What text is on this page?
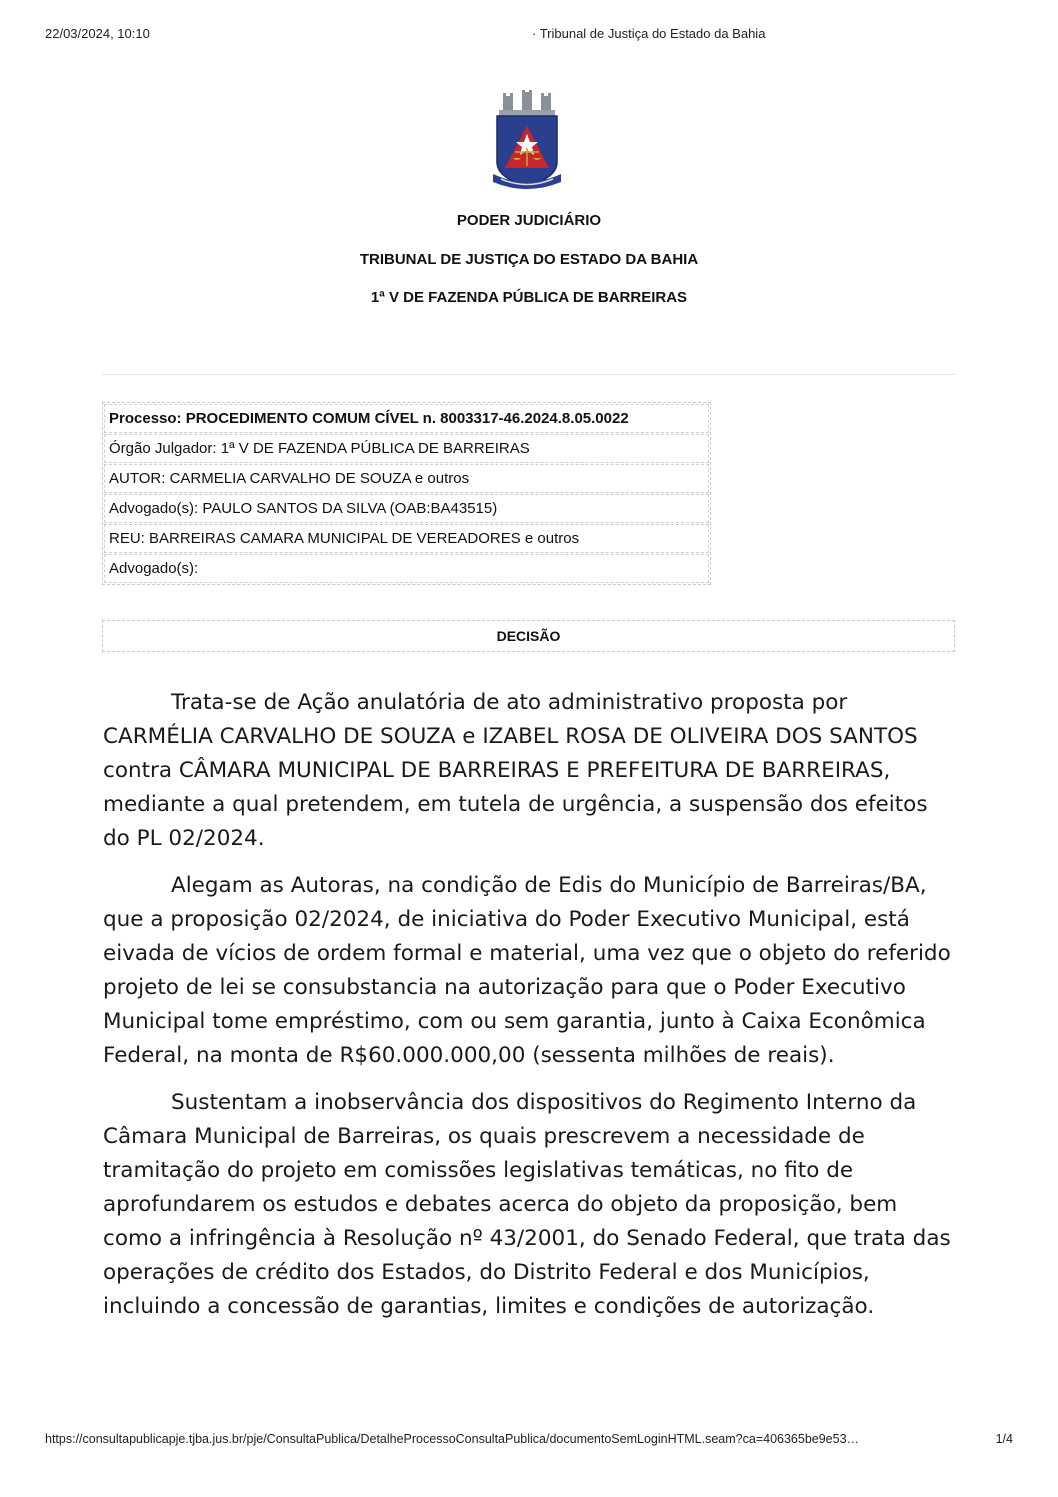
22/03/2024, 10:10	· Tribunal de Justiça do Estado da Bahia
PODER JUDICIÁRIO
TRIBUNAL DE JUSTIÇA DO ESTADO DA BAHIA
1ª V DE FAZENDA PÚBLICA DE BARREIRAS
Processo: PROCEDIMENTO COMUM CÍVEL n. 8003317-46.2024.8.05.0022
Órgão Julgador: 1ª V DE FAZENDA PÚBLICA DE BARREIRAS
AUTOR: CARMELIA CARVALHO DE SOUZA e outros
Advogado(s): PAULO SANTOS DA SILVA (OAB:BA43515)
REU: BARREIRAS CAMARA MUNICIPAL DE VEREADORES e outros
Advogado(s):
DECISÃO

Trata-se de Ação anulatória de ato administrativo proposta por CARMÉLIA CARVALHO DE SOUZA e IZABEL ROSA DE OLIVEIRA DOS SANTOS contra CÂMARA MUNICIPAL DE BARREIRAS E PREFEITURA DE BARREIRAS, mediante a qual pretendem, em tutela de urgência, a suspensão dos efeitos do PL 02/2024.

Alegam as Autoras, na condição de Edis do Município de Barreiras/BA, que a proposição 02/2024, de iniciativa do Poder Executivo Municipal, está eivada de vícios de ordem formal e material, uma vez que o objeto do referido projeto de lei se consubstancia na autorização para que o Poder Executivo Municipal tome empréstimo, com ou sem garantia, junto à Caixa Econômica Federal, na monta de R$60.000.000,00 (sessenta milhões de reais).

Sustentam a inobservância dos dispositivos do Regimento Interno da Câmara Municipal de Barreiras, os quais prescrevem a necessidade de tramitação do projeto em comissões legislativas temáticas, no fito de aprofundarem os estudos e debates acerca do objeto da proposição, bem como a infringência à Resolução nº 43/2001, do Senado Federal, que trata das operações de crédito dos Estados, do Distrito Federal e dos Municípios, incluindo a concessão de garantias, limites e condições de autorização.

https://consultapublicapje.tjba.jus.br/pje/ConsultaPublica/DetalheProcessoConsultaPublica/documentoSemLoginHTML.seam?ca=406365be9e53…	1/4
